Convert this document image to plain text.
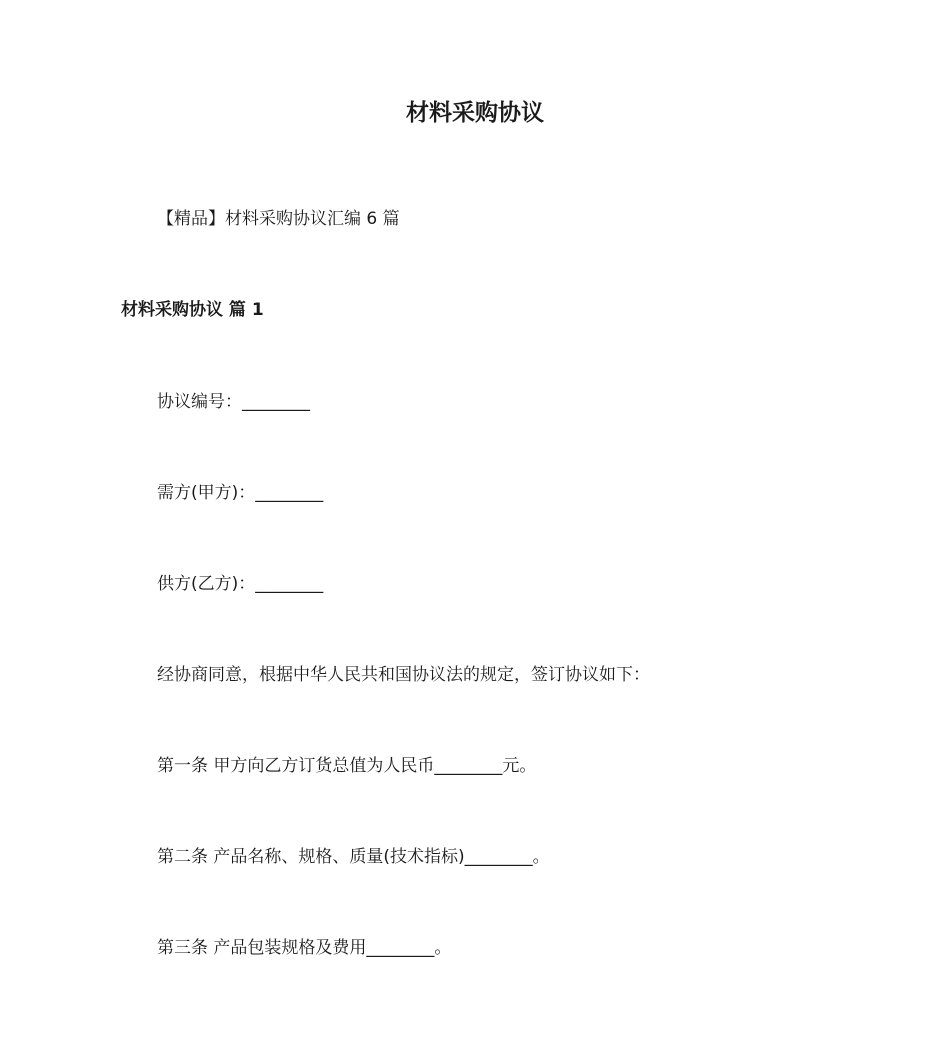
材料采购协议

【精品】材料采购协议汇编 6 篇

材料采购协议 篇 1

协议编号：________

需方(甲方)：________

供方(乙方)：________

经协商同意，根据中华人民共和国协议法的规定，签订协议如下：

第一条 甲方向乙方订货总值为人民币________元。

第二条 产品名称、规格、质量(技术指标)________。

第三条 产品包装规格及费用________。
